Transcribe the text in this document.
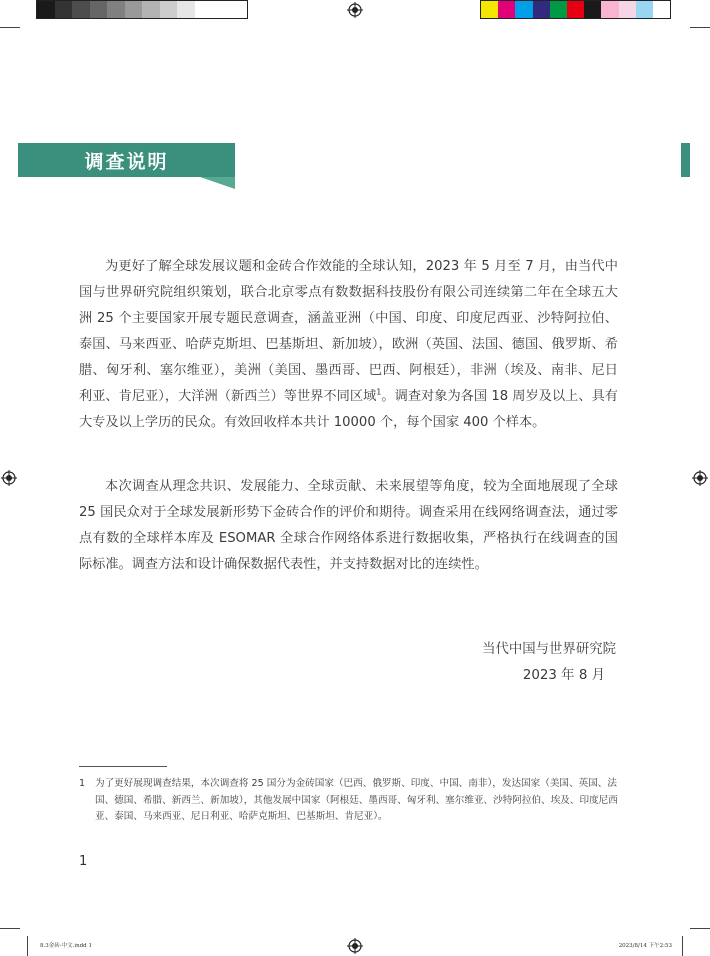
调查说明

为更好了解全球发展议题和金砖合作效能的全球认知，2023 年 5 月至 7 月，由当代中国与世界研究院组织策划，联合北京零点有数数据科技股份有限公司连续第二年在全球五大洲 25 个主要国家开展专题民意调查，涵盖亚洲（中国、印度、印度尼西亚、沙特阿拉伯、泰国、马来西亚、哈萨克斯坦、巴基斯坦、新加坡），欧洲（英国、法国、德国、俄罗斯、希腊、匈牙利、塞尔维亚），美洲（美国、墨西哥、巴西、阿根廷），非洲（埃及、南非、尼日利亚、肯尼亚），大洋洲（新西兰）等世界不同区域$^1$。调查对象为各国 18 周岁及以上、具有大专及以上学历的民众。有效回收样本共计 10000 个，每个国家 400 个样本。

本次调查从理念共识、发展能力、全球贡献、未来展望等角度，较为全面地展现了全球 25 国民众对于全球发展新形势下金砖合作的评价和期待。调查采用在线网络调查法，通过零点有数的全球样本库及 ESOMAR 全球合作网络体系进行数据收集，严格执行在线调查的国际标准。调查方法和设计确保数据代表性，并支持数据对比的连续性。

当代中国与世界研究院
2023 年 8 月
1	为了更好展现调查结果，本次调查将 25 国分为金砖国家（巴西、俄罗斯、印度、中国、南非），发达国家（美国、英国、法国、德国、希腊、新西兰、新加坡），其他发展中国家（阿根廷、墨西哥、匈牙利、塞尔维亚、沙特阿拉伯、埃及、印度尼西亚、泰国、马来西亚、尼日利亚、哈萨克斯坦、巴基斯坦、肯尼亚）。
1
8.3金砖-中文.indd 1	2023/8/14 下午2:53
